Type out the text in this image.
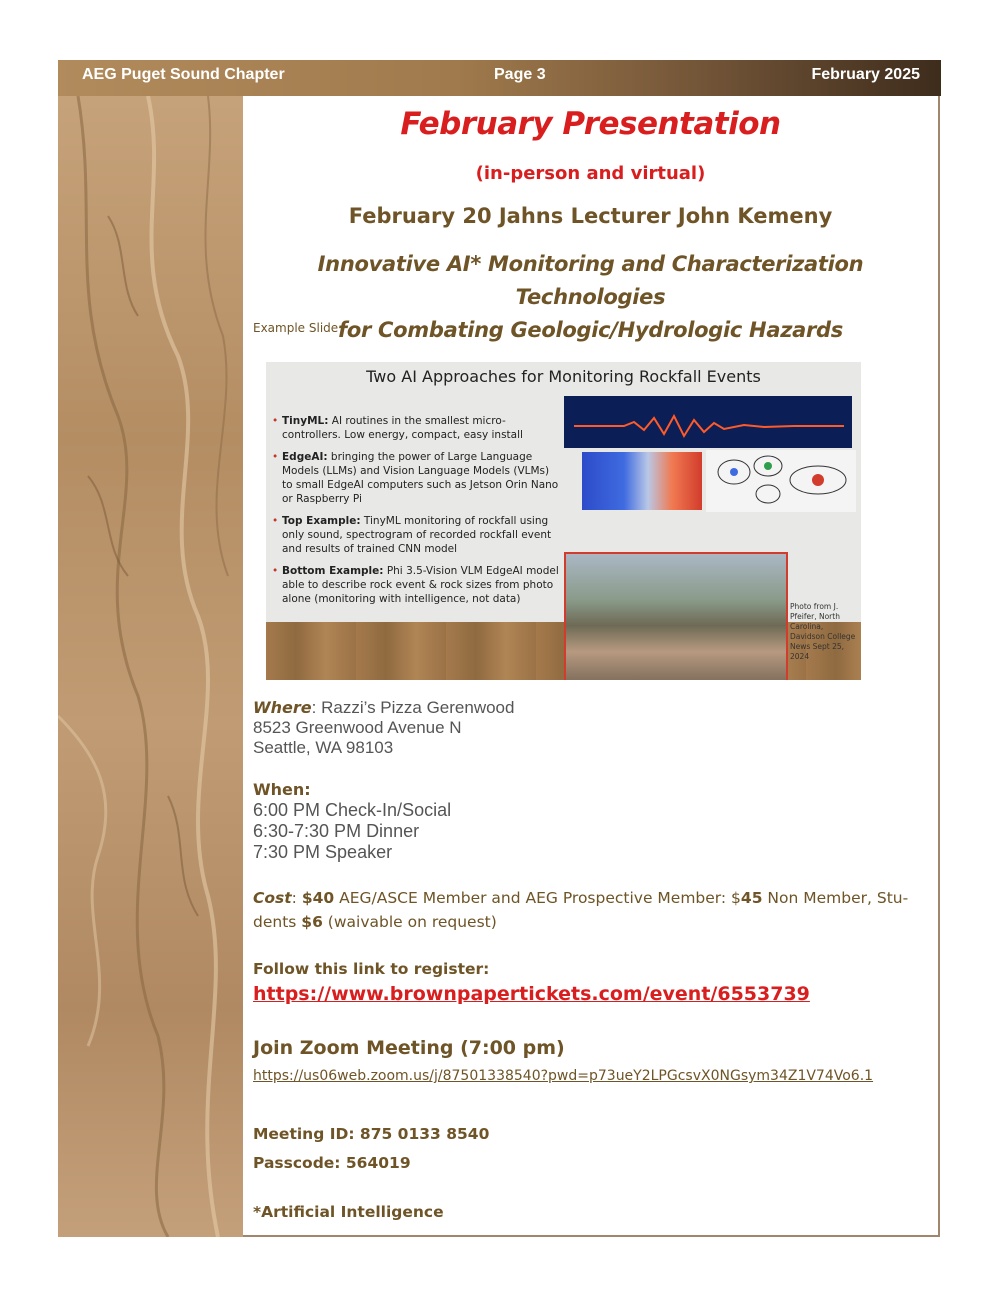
AEG Puget Sound Chapter	Page 3	February 2025
February Presentation
(in-person and virtual)
February 20 Jahns Lecturer John Kemeny
Innovative AI* Monitoring and Characterization Technologies
for Combating Geologic/Hydrologic Hazards
Example Slide
Two AI Approaches for Monitoring Rockfall Events

• TinyML: AI routines in the smallest micro-controllers. Low energy, compact, easy install

• EdgeAI: bringing the power of Large Language Models (LLMs) and Vision Language Models (VLMs) to small EdgeAI computers such as Jetson Orin Nano or Raspberry Pi

• Top Example: TinyML monitoring of rockfall using only sound, spectrogram of recorded rockfall event and results of trained CNN model

• Bottom Example: Phi 3.5-Vision VLM EdgeAI model able to describe rock event & rock sizes from photo alone (monitoring with intelligence, not data)

Photo from J. Pfeifer, North Carolina, Davidson College News Sept 25, 2024
Where: Razzi’s Pizza Gerenwood
8523 Greenwood Avenue N
Seattle, WA 98103
When:
6:00 PM Check-In/Social
6:30-7:30 PM Dinner
7:30 PM Speaker
Cost: $40 AEG/ASCE Member and AEG Prospective Member: $45 Non Member, Stu-dents $6 (waivable on request)
Follow this link to register:
https://www.brownpapertickets.com/event/6553739
Join Zoom Meeting (7:00 pm)
https://us06web.zoom.us/j/87501338540?pwd=p73ueY2LPGcsvX0NGsym34Z1V74Vo6.1
Meeting ID: 875 0133 8540
Passcode: 564019
*Artificial Intelligence
